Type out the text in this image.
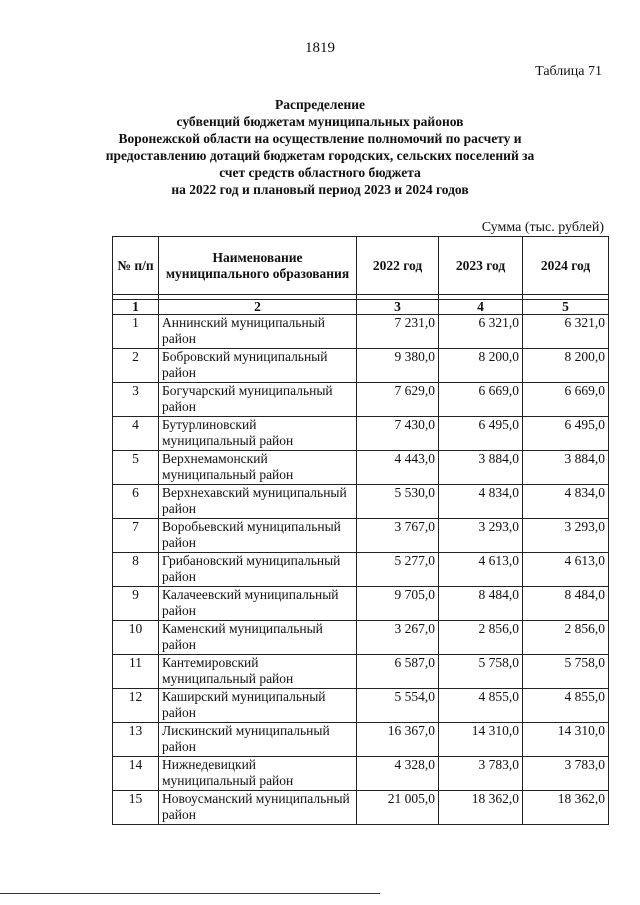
1819
Таблица 71
Распределение
субвенций бюджетам муниципальных районов
Воронежской области на осуществление полномочий по расчету и
предоставлению дотаций бюджетам городских, сельских поселений за
счет средств областного бюджета
на 2022 год и плановый период 2023 и 2024 годов
Сумма (тыс. рублей)
№ п/п	Наименование муниципального образования	2022 год	2023 год	2024 год

1	2	3	4	5
1	Аннинский муниципальный район	7 231,0	6 321,0	6 321,0
2	Бобровский муниципальный район	9 380,0	8 200,0	8 200,0
3	Богучарский муниципальный район	7 629,0	6 669,0	6 669,0
4	Бутурлиновский муниципальный район	7 430,0	6 495,0	6 495,0
5	Верхнемамонский муниципальный район	4 443,0	3 884,0	3 884,0
6	Верхнехавский муниципальный район	5 530,0	4 834,0	4 834,0
7	Воробьевский муниципальный район	3 767,0	3 293,0	3 293,0
8	Грибановский муниципальный район	5 277,0	4 613,0	4 613,0
9	Калачеевский муниципальный район	9 705,0	8 484,0	8 484,0
10	Каменский муниципальный район	3 267,0	2 856,0	2 856,0
11	Кантемировский муниципальный район	6 587,0	5 758,0	5 758,0
12	Каширский муниципальный район	5 554,0	4 855,0	4 855,0
13	Лискинский муниципальный район	16 367,0	14 310,0	14 310,0
14	Нижнедевицкий муниципальный район	4 328,0	3 783,0	3 783,0
15	Новоусманский муниципальный район	21 005,0	18 362,0	18 362,0
